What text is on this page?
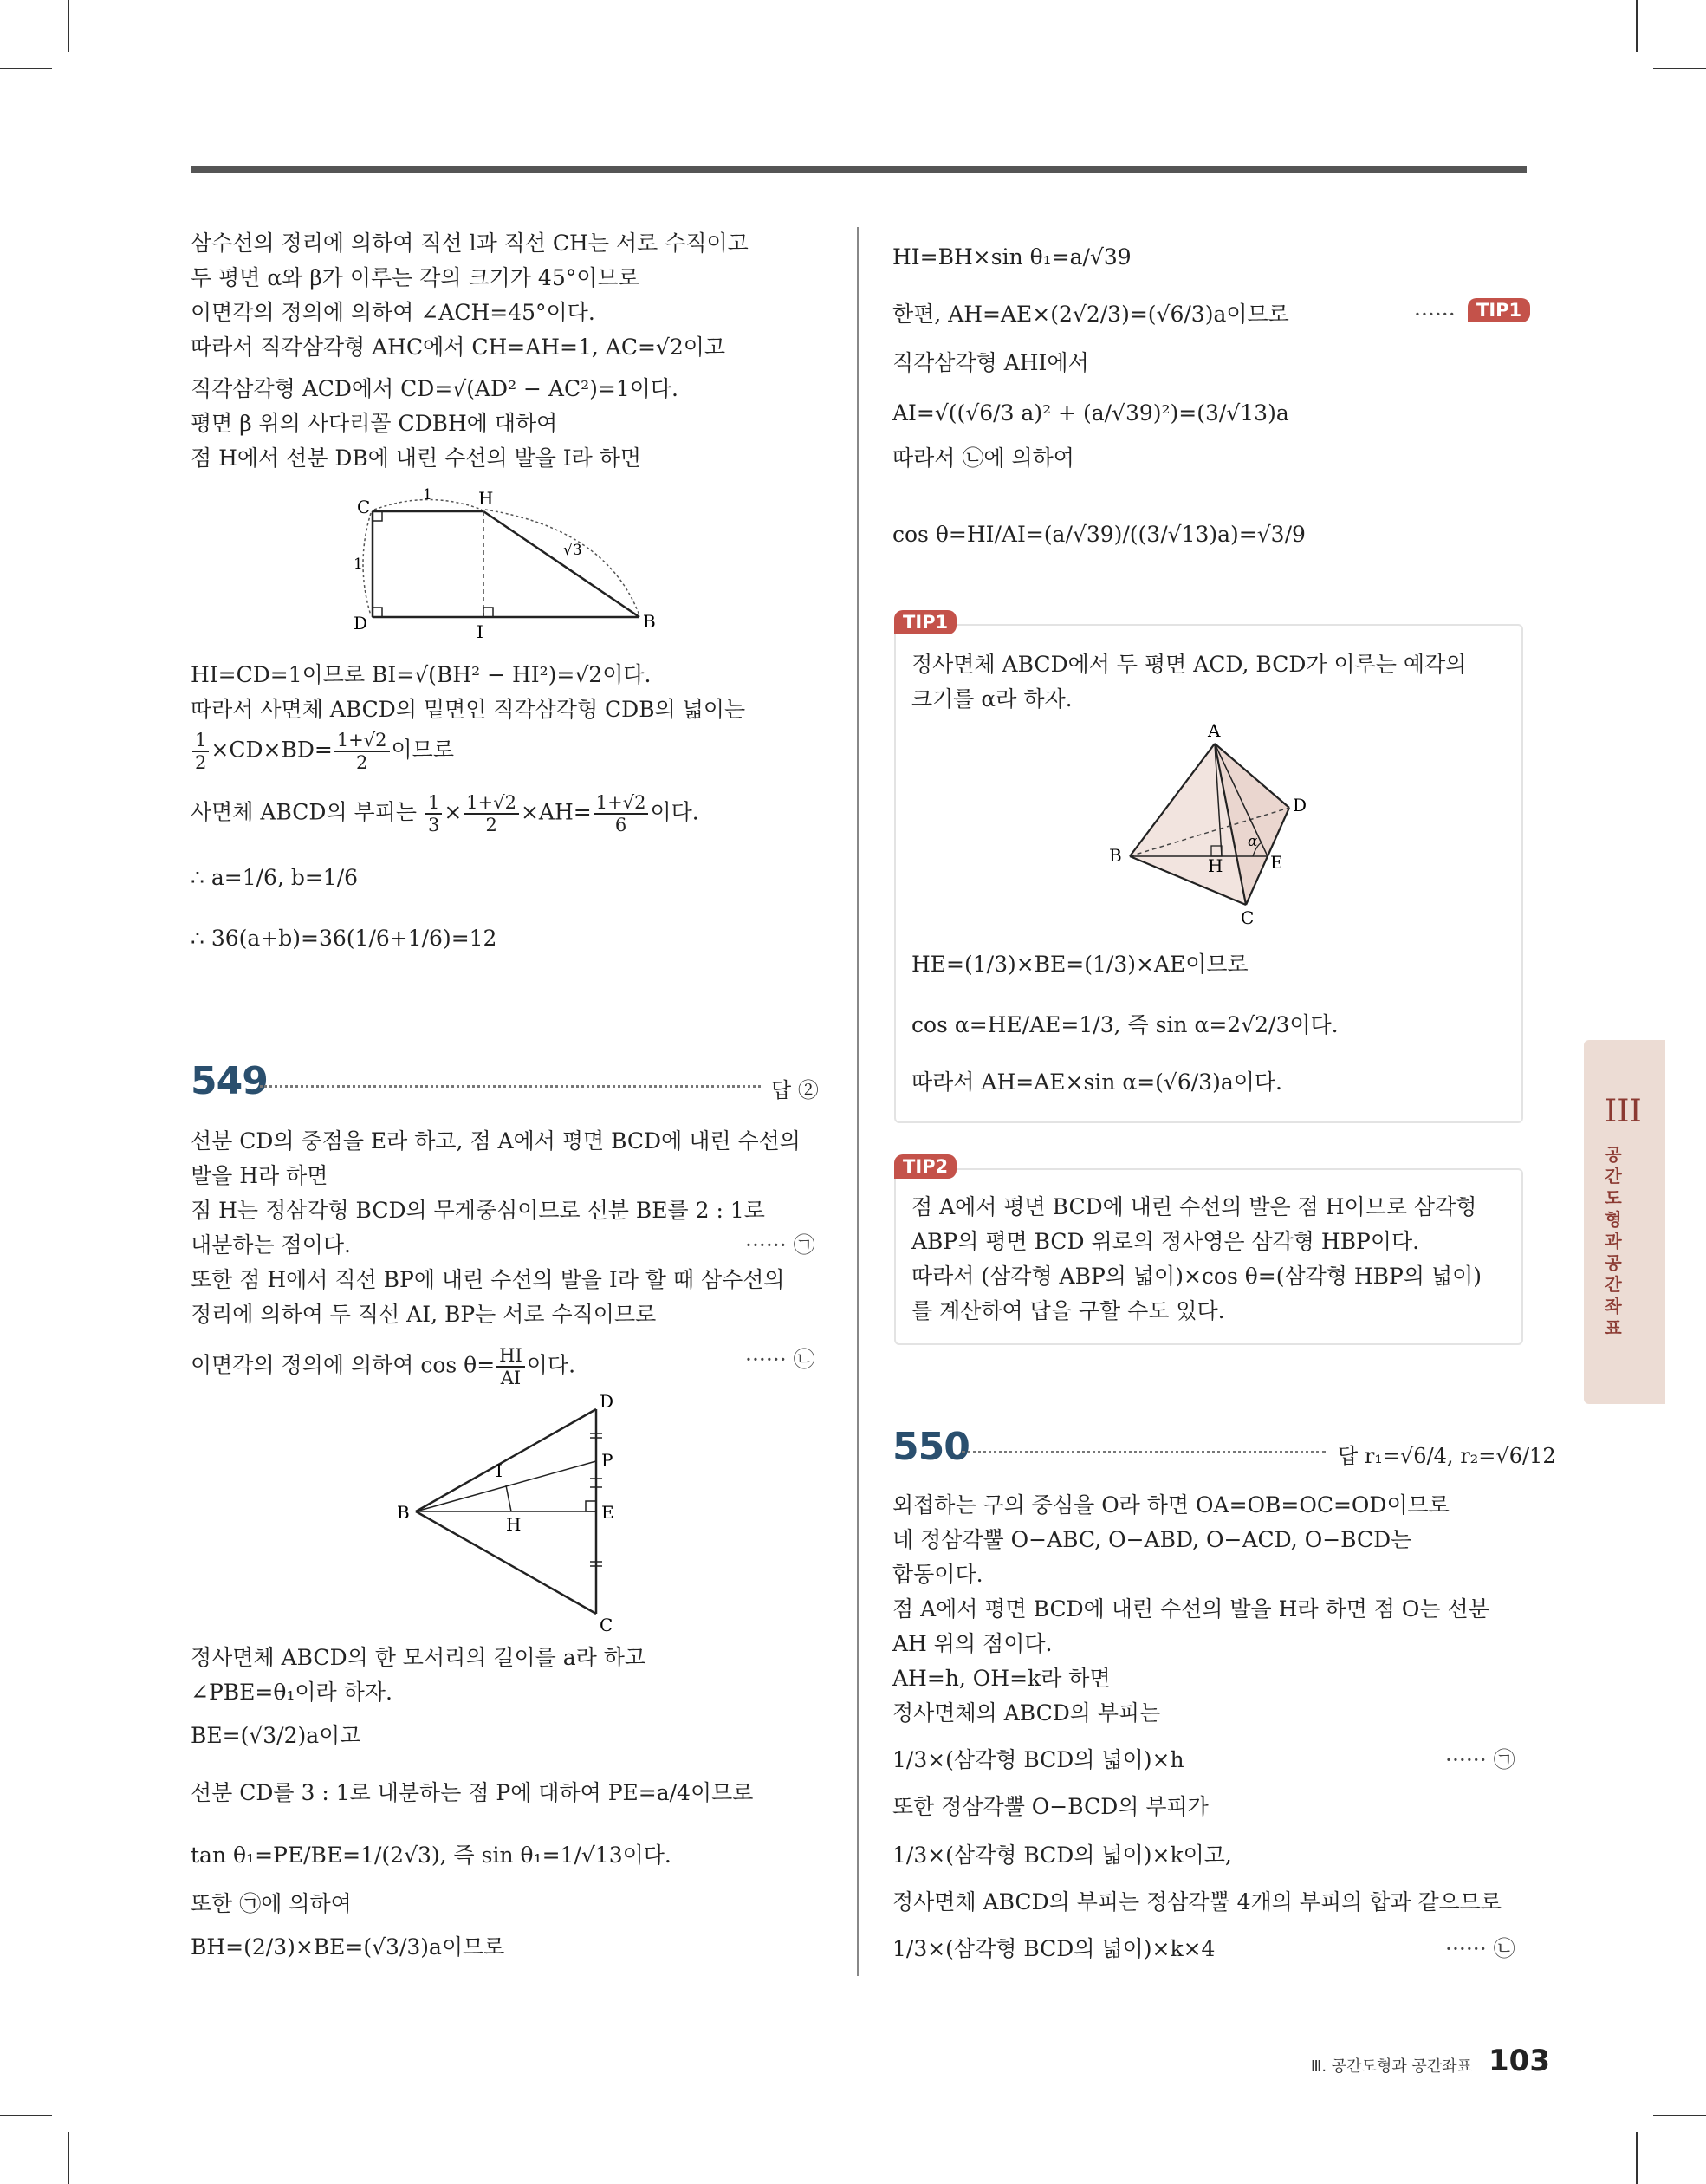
삼수선의 정리에 의하여 직선 l과 직선 CH는 서로 수직이고
두 평면 α와 β가 이루는 각의 크기가 45°이므로
이면각의 정의에 의하여 ∠ACH=45°이다.
따라서 직각삼각형 AHC에서 CH=AH=1, AC=√2이고
직각삼각형 ACD에서 CD=√(AD² − AC²)=1이다.
평면 β 위의 사다리꼴 CDBH에 대하여
점 H에서 선분 DB에 내린 수선의 발을 I라 하면
C	H
D	I	B
1
1
√3
HI=CD=1이므로 BI=√(BH² − HI²)=√2이다.
따라서 사면체 ABCD의 밑면인 직각삼각형 CDB의 넓이는
$\frac{1}{2} \times CD\times BD= \frac{1+√2}{2}$ 이므로
사면체 ABCD의 부피는 $\frac{1}{3} \times \frac{1+√2}{2} \times AH= \frac{1+√2}{6}$ 이다.
∴ a=1/6, b=1/6
∴ 36(a+b)=36(1/6+1/6)=12
549	답 ②
선분 CD의 중점을 E라 하고, 점 A에서 평면 BCD에 내린 수선의
발을 H라 하면
점 H는 정삼각형 BCD의 무게중심이므로 선분 BE를 2 : 1로
내분하는 점이다.	······ ㉠
또한 점 H에서 직선 BP에 내린 수선의 발을 I라 할 때 삼수선의
정리에 의하여 두 직선 AI, BP는 서로 수직이므로
이면각의 정의에 의하여 $\cos \theta= \frac{HI}{AI}$ 이다.	······ ㉡
D
P
I
B
H
E
C
정사면체 ABCD의 한 모서리의 길이를 a라 하고
∠PBE=θ₁이라 하자.
BE=(√3/2)a이고
선분 CD를 3 : 1로 내분하는 점 P에 대하여 PE=a/4이므로
tan θ₁=PE/BE=1/(2√3), 즉 sin θ₁=1/√13이다.
또한 ㉠에 의하여
BH=(2/3)×BE=(√3/3)a이므로
HI=BH×sin θ₁=a/√39
한편, AH=AE×(2√2/3)=(√6/3)a이므로	······	TIP1
직각삼각형 AHI에서
AI=√((√6/3 a)² + (a/√39)²)=(3/√13)a
따라서 ㉡에 의하여
cos θ=HI/AI=(a/√39)/((3/√13)a)=√3/9
TIP1
정사면체 ABCD에서 두 평면 ACD, BCD가 이루는 예각의
크기를 α라 하자.
A
B
C
D
E
H
α
HE=(1/3)×BE=(1/3)×AE이므로
cos α=HE/AE=1/3, 즉 sin α=2√2/3이다.
따라서 AH=AE×sin α=(√6/3)a이다.
TIP2
점 A에서 평면 BCD에 내린 수선의 발은 점 H이므로 삼각형
ABP의 평면 BCD 위로의 정사영은 삼각형 HBP이다.
따라서 (삼각형 ABP의 넓이)×cos θ=(삼각형 HBP의 넓이)
를 계산하여 답을 구할 수도 있다.
550	답 r₁=√6/4, r₂=√6/12
외접하는 구의 중심을 O라 하면 OA=OB=OC=OD이므로
네 정삼각뿔 O−ABC, O−ABD, O−ACD, O−BCD는
합동이다.
점 A에서 평면 BCD에 내린 수선의 발을 H라 하면 점 O는 선분
AH 위의 점이다.
AH=h, OH=k라 하면
정사면체의 ABCD의 부피는
1/3×(삼각형 BCD의 넓이)×h	······ ㉠
또한 정삼각뿔 O−BCD의 부피가
1/3×(삼각형 BCD의 넓이)×k이고,
정사면체 ABCD의 부피는 정삼각뿔 4개의 부피의 합과 같으므로
1/3×(삼각형 BCD의 넓이)×k×4	······ ㉡
III
공간도형과 공간좌표
Ⅲ. 공간도형과 공간좌표 103
